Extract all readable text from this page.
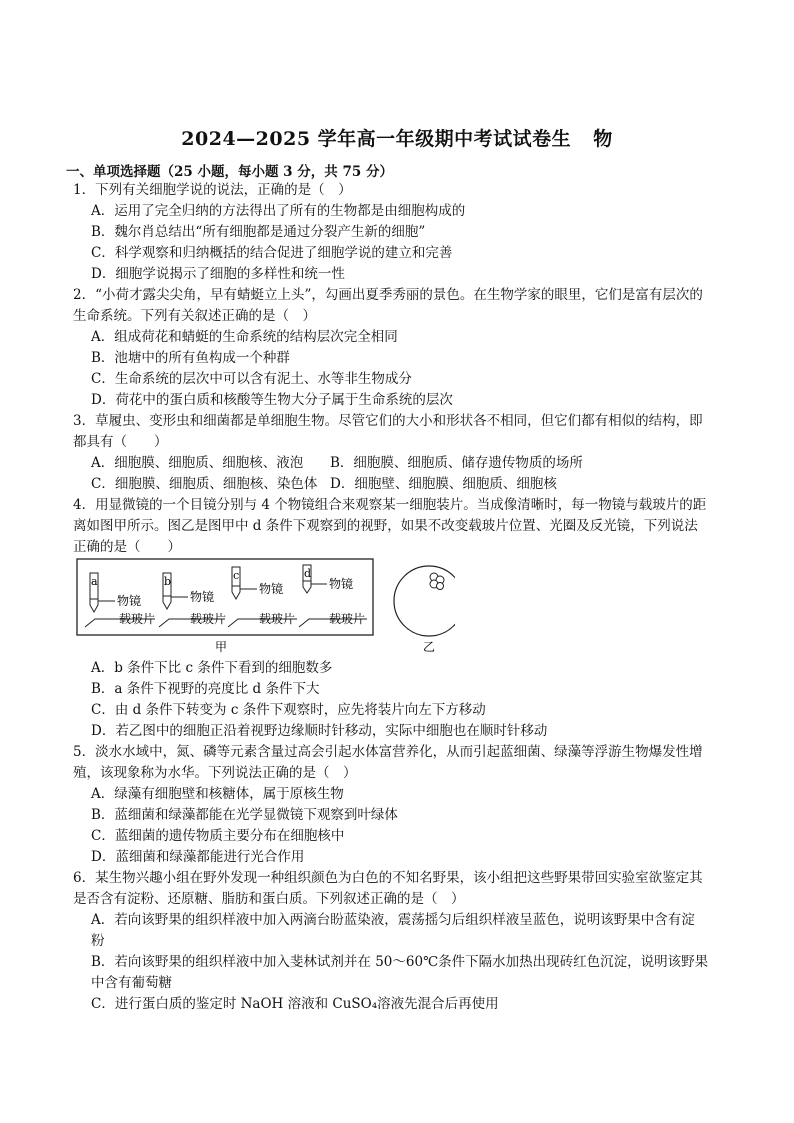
2024—2025 学年高一年级期中考试试卷生 物
一、单项选择题（25 小题，每小题 3 分，共 75 分）
1．下列有关细胞学说的说法，正确的是（　）
A．运用了完全归纳的方法得出了所有的生物都是由细胞构成的
B．魏尔肖总结出“所有细胞都是通过分裂产生新的细胞”
C．科学观察和归纳概括的结合促进了细胞学说的建立和完善
D．细胞学说揭示了细胞的多样性和统一性
2．“小荷才露尖尖角，早有蜻蜓立上头”，勾画出夏季秀丽的景色。在生物学家的眼里，它们是富有层次的
生命系统。下列有关叙述正确的是（　）
A．组成荷花和蜻蜓的生命系统的结构层次完全相同
B．池塘中的所有鱼构成一个种群
C．生命系统的层次中可以含有泥土、水等非生物成分
D．荷花中的蛋白质和核酸等生物大分子属于生命系统的层次
3．草履虫、变形虫和细菌都是单细胞生物。尽管它们的大小和形状各不相同，但它们都有相似的结构，即
都具有（　　）
A．细胞膜、细胞质、细胞核、液泡 B．细胞膜、细胞质、储存遗传物质的场所
C．细胞膜、细胞质、细胞核、染色体 D．细胞壁、细胞膜、细胞质、细胞核
4．用显微镜的一个目镜分别与 4 个物镜组合来观察某一细胞装片。当成像清晰时，每一物镜与载玻片的距
离如图甲所示。图乙是图甲中 d 条件下观察到的视野，如果不改变载玻片位置、光圈及反光镜，下列说法
正确的是（　　）
a
物镜
载玻片
b
物镜
载玻片
c
物镜
载玻片
d
物镜
载玻片
甲	乙
A．b 条件下比 c 条件下看到的细胞数多
B．a 条件下视野的亮度比 d 条件下大
C．由 d 条件下转变为 c 条件下观察时，应先将装片向左下方移动
D．若乙图中的细胞正沿着视野边缘顺时针移动，实际中细胞也在顺时针移动
5．淡水水域中，氮、磷等元素含量过高会引起水体富营养化，从而引起蓝细菌、绿藻等浮游生物爆发性增
殖，该现象称为水华。下列说法正确的是（　）
A．绿藻有细胞壁和核糖体，属于原核生物
B．蓝细菌和绿藻都能在光学显微镜下观察到叶绿体
C．蓝细菌的遗传物质主要分布在细胞核中
D．蓝细菌和绿藻都能进行光合作用
6．某生物兴趣小组在野外发现一种组织颜色为白色的不知名野果，该小组把这些野果带回实验室欲鉴定其
是否含有淀粉、还原糖、脂肪和蛋白质。下列叙述正确的是（　）
A．若向该野果的组织样液中加入两滴台盼蓝染液，震荡摇匀后组织样液呈蓝色，说明该野果中含有淀
粉
B．若向该野果的组织样液中加入斐林试剂并在 50～60℃条件下隔水加热出现砖红色沉淀，说明该野果
中含有葡萄糖
C．进行蛋白质的鉴定时 NaOH 溶液和 CuSO₄溶液先混合后再使用
